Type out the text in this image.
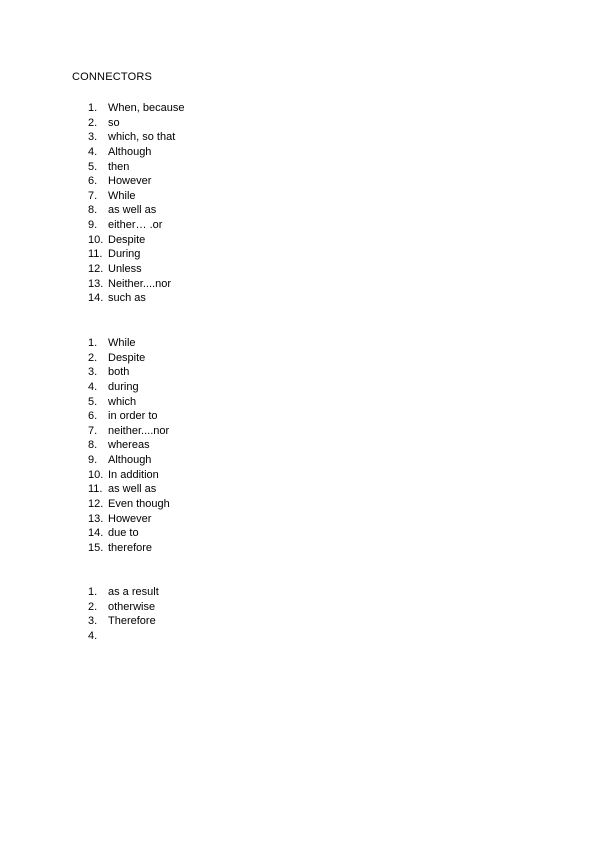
CONNECTORS
1. When, because
2. so
3. which, so that
4. Although
5. then
6. However
7. While
8. as well as
9. either… .or
10. Despite
11. During
12. Unless
13. Neither....nor
14. such as
1. While
2. Despite
3. both
4. during
5. which
6. in order to
7. neither....nor
8. whereas
9. Although
10. In addition
11. as well as
12. Even though
13. However
14. due to
15. therefore
1. as a result
2. otherwise
3. Therefore
4.
